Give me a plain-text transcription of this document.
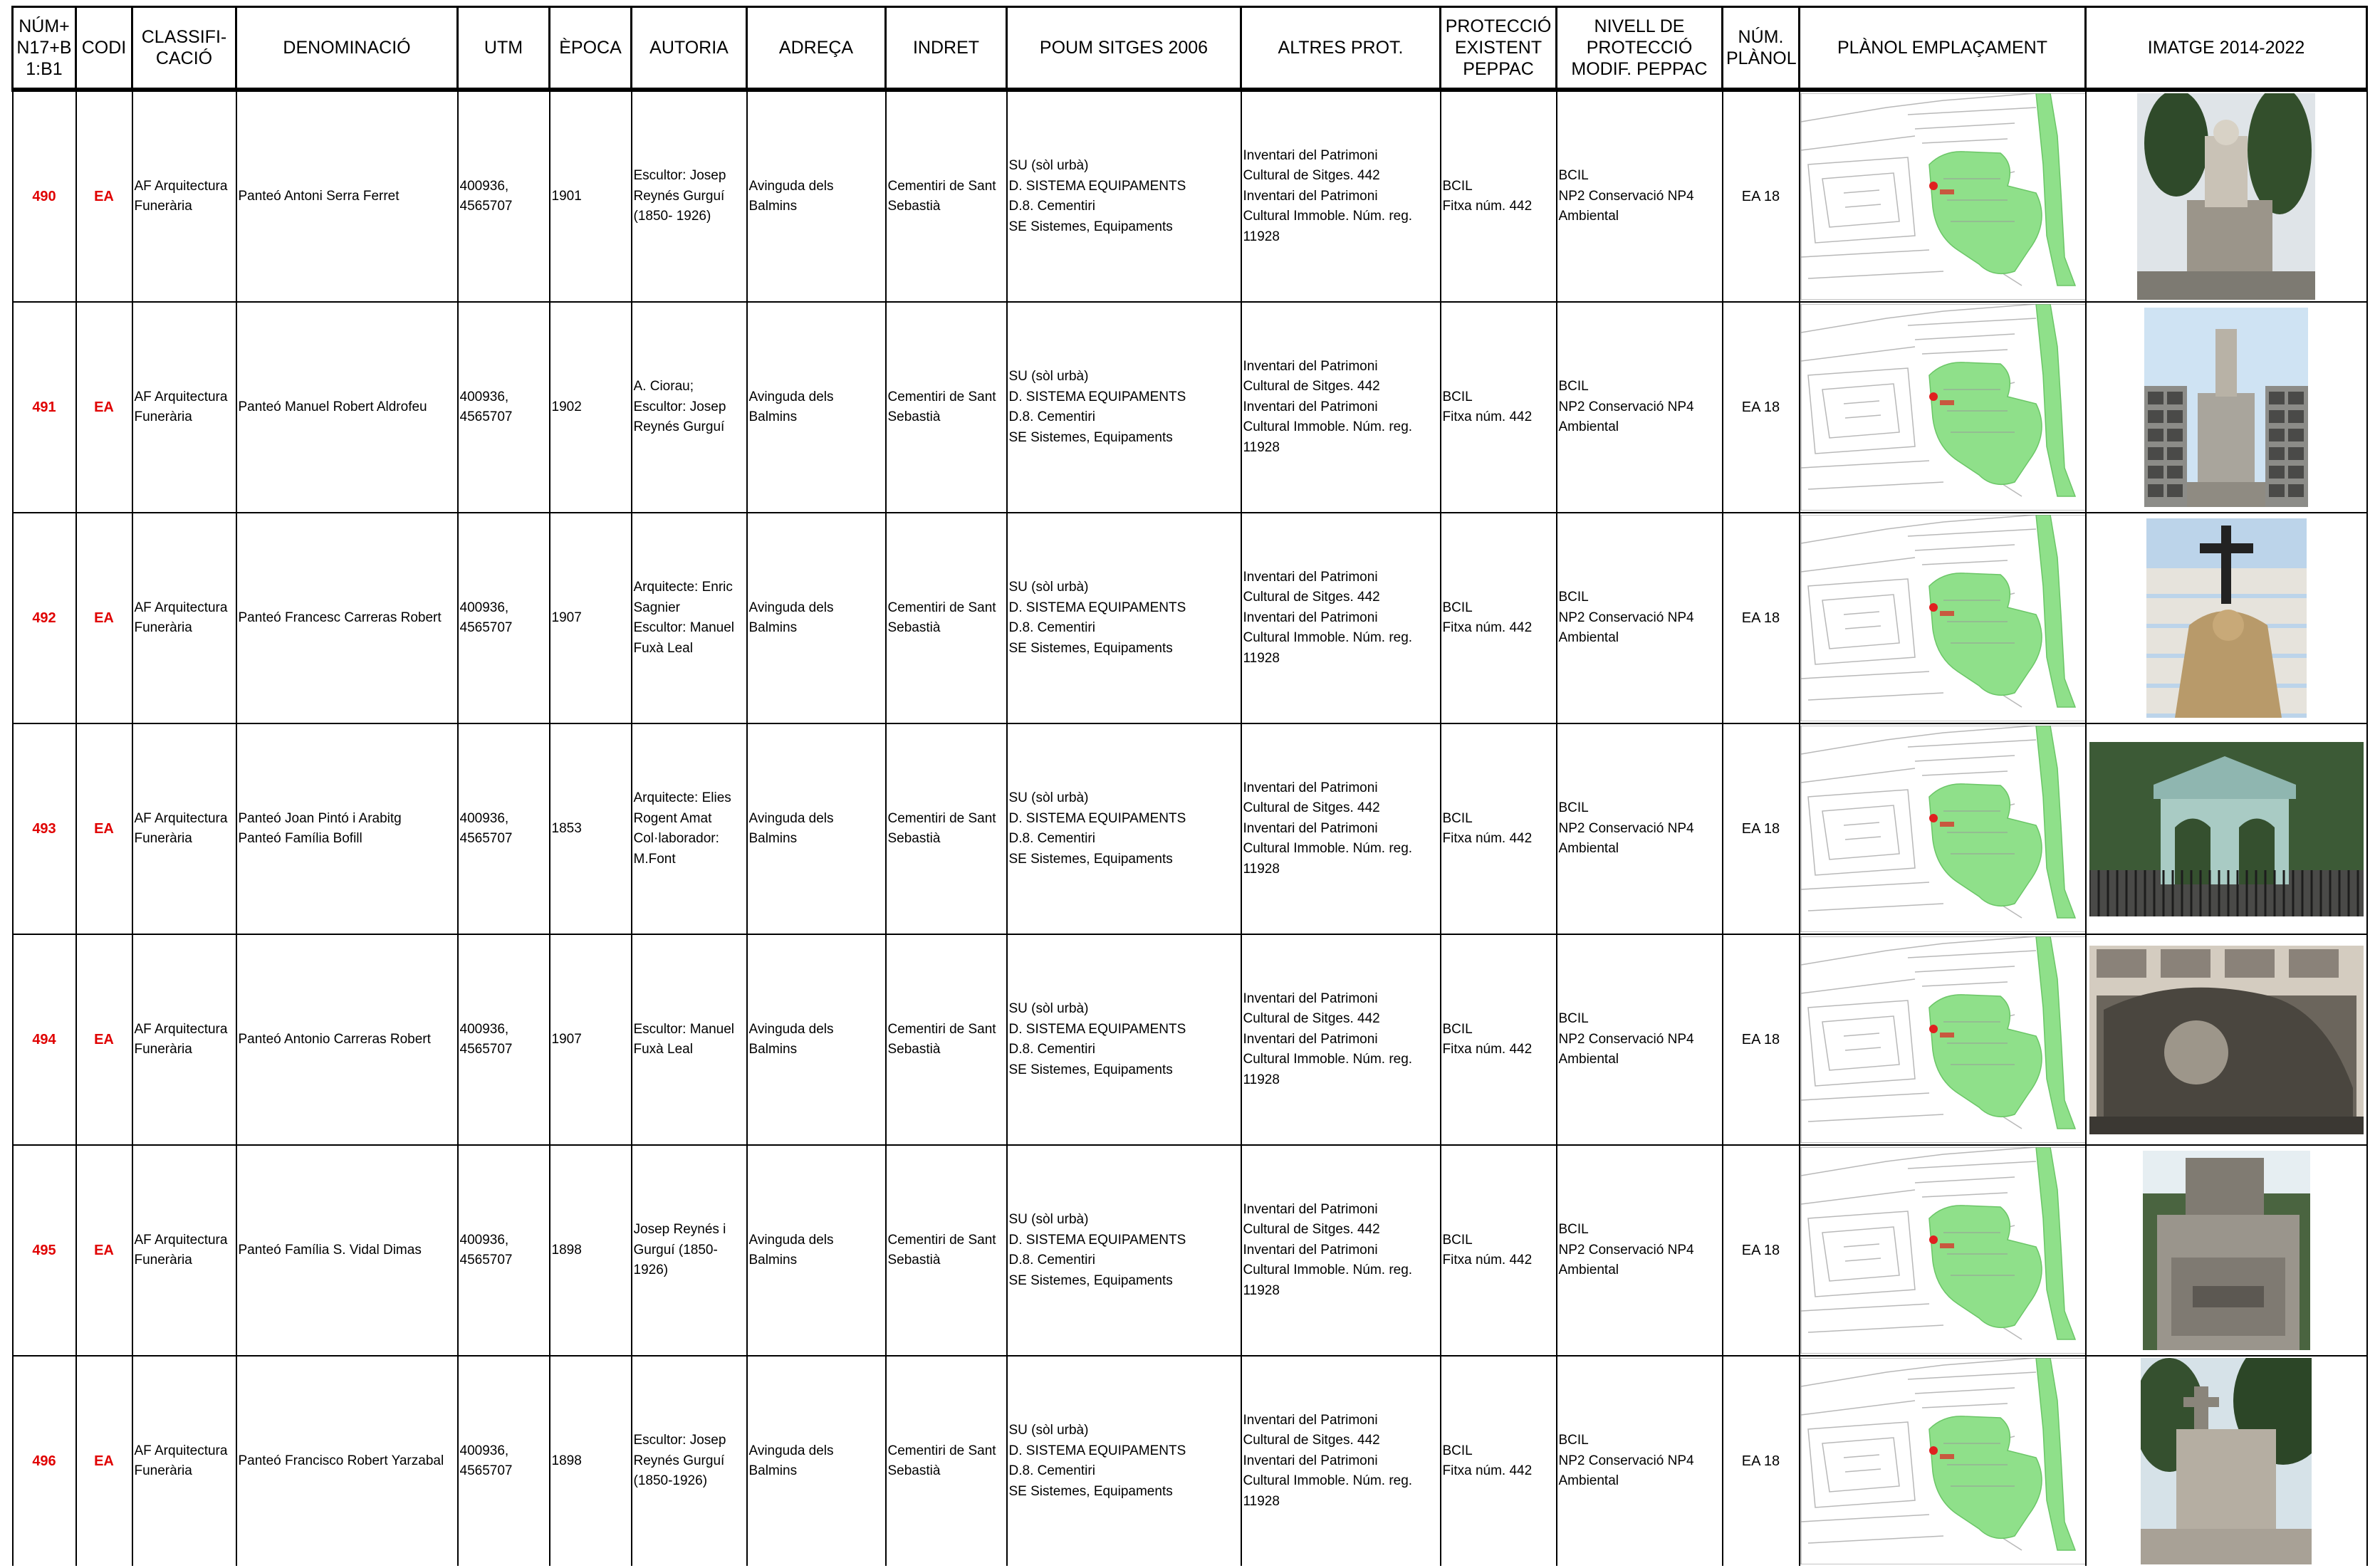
NÚM+
N17+B
1:B1	CODI	CLASSIFI-
CACIÓ	DENOMINACIÓ	UTM	ÈPOCA	AUTORIA	ADREÇA	INDRET	POUM SITGES 2006	ALTRES PROT.	PROTECCIÓ
EXISTENT
PEPPAC	NIVELL DE
PROTECCIÓ
MODIF. PEPPAC	NÚM.
PLÀNOL	PLÀNOL EMPLAÇAMENT	IMATGE 2014-2022
490	EA	AF Arquitectura
Funerària	Panteó Antoni Serra Ferret	400936,
4565707	1901	Escultor: Josep
Reynés Gurguí
(1850- 1926)	Avinguda dels
Balmins	Cementiri de Sant
Sebastià	SU (sòl urbà)
D. SISTEMA EQUIPAMENTS
D.8. Cementiri
SE Sistemes, Equipaments	Inventari del Patrimoni
Cultural de Sitges. 442
Inventari del Patrimoni
Cultural Immoble. Núm. reg.
11928	BCIL
Fitxa núm. 442	BCIL
NP2 Conservació NP4
Ambiental	EA 18	

491	EA	AF Arquitectura
Funerària	Panteó Manuel Robert Aldrofeu	400936,
4565707	1902	A. Ciorau;
Escultor: Josep
Reynés Gurguí	Avinguda dels
Balmins	Cementiri de Sant
Sebastià	SU (sòl urbà)
D. SISTEMA EQUIPAMENTS
D.8. Cementiri
SE Sistemes, Equipaments	Inventari del Patrimoni
Cultural de Sitges. 442
Inventari del Patrimoni
Cultural Immoble. Núm. reg.
11928	BCIL
Fitxa núm. 442	BCIL
NP2 Conservació NP4
Ambiental	EA 18	

492	EA	AF Arquitectura
Funerària	Panteó Francesc Carreras Robert	400936,
4565707	1907	Arquitecte: Enric
Sagnier
Escultor: Manuel
Fuxà Leal	Avinguda dels
Balmins	Cementiri de Sant
Sebastià	SU (sòl urbà)
D. SISTEMA EQUIPAMENTS
D.8. Cementiri
SE Sistemes, Equipaments	Inventari del Patrimoni
Cultural de Sitges. 442
Inventari del Patrimoni
Cultural Immoble. Núm. reg.
11928	BCIL
Fitxa núm. 442	BCIL
NP2 Conservació NP4
Ambiental	EA 18	

493	EA	AF Arquitectura
Funerària	Panteó Joan Pintó i Arabitg
Panteó Família Bofill	400936,
4565707	1853	Arquitecte: Elies
Rogent Amat
Col·laborador:
M.Font	Avinguda dels
Balmins	Cementiri de Sant
Sebastià	SU (sòl urbà)
D. SISTEMA EQUIPAMENTS
D.8. Cementiri
SE Sistemes, Equipaments	Inventari del Patrimoni
Cultural de Sitges. 442
Inventari del Patrimoni
Cultural Immoble. Núm. reg.
11928	BCIL
Fitxa núm. 442	BCIL
NP2 Conservació NP4
Ambiental	EA 18	

494	EA	AF Arquitectura
Funerària	Panteó Antonio Carreras Robert	400936,
4565707	1907	Escultor: Manuel
Fuxà Leal	Avinguda dels
Balmins	Cementiri de Sant
Sebastià	SU (sòl urbà)
D. SISTEMA EQUIPAMENTS
D.8. Cementiri
SE Sistemes, Equipaments	Inventari del Patrimoni
Cultural de Sitges. 442
Inventari del Patrimoni
Cultural Immoble. Núm. reg.
11928	BCIL
Fitxa núm. 442	BCIL
NP2 Conservació NP4
Ambiental	EA 18	

495	EA	AF Arquitectura
Funerària	Panteó Família S. Vidal Dimas	400936,
4565707	1898	Josep Reynés i
Gurguí (1850-
1926)	Avinguda dels
Balmins	Cementiri de Sant
Sebastià	SU (sòl urbà)
D. SISTEMA EQUIPAMENTS
D.8. Cementiri
SE Sistemes, Equipaments	Inventari del Patrimoni
Cultural de Sitges. 442
Inventari del Patrimoni
Cultural Immoble. Núm. reg.
11928	BCIL
Fitxa núm. 442	BCIL
NP2 Conservació NP4
Ambiental	EA 18	

496	EA	AF Arquitectura
Funerària	Panteó Francisco Robert Yarzabal	400936,
4565707	1898	Escultor: Josep
Reynés Gurguí
(1850-1926)	Avinguda dels
Balmins	Cementiri de Sant
Sebastià	SU (sòl urbà)
D. SISTEMA EQUIPAMENTS
D.8. Cementiri
SE Sistemes, Equipaments	Inventari del Patrimoni
Cultural de Sitges. 442
Inventari del Patrimoni
Cultural Immoble. Núm. reg.
11928	BCIL
Fitxa núm. 442	BCIL
NP2 Conservació NP4
Ambiental	EA 18	
